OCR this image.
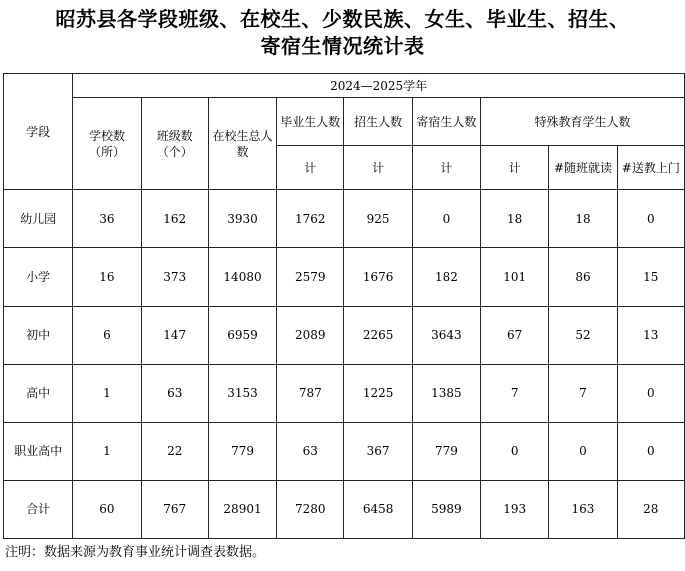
昭苏县各学段班级、在校生、少数民族、女生、毕业生、招生、
寄宿生情况统计表
学段	2024—2025学年								
	学校数（所）	班级数（个）	在校生总人数	毕业生人数	招生人数	寄宿生人数	特殊教育学生人数		
				计	计	计	计	#随班就读	#送教上门
幼儿园	36	162	3930	1762	925	0	18	18	0
小学	16	373	14080	2579	1676	182	101	86	15
初中	6	147	6959	2089	2265	3643	67	52	13
高中	1	63	3153	787	1225	1385	7	7	0
职业高中	1	22	779	63	367	779	0	0	0
合计	60	767	28901	7280	6458	5989	193	163	28
注明：数据来源为教育事业统计调查表数据。
